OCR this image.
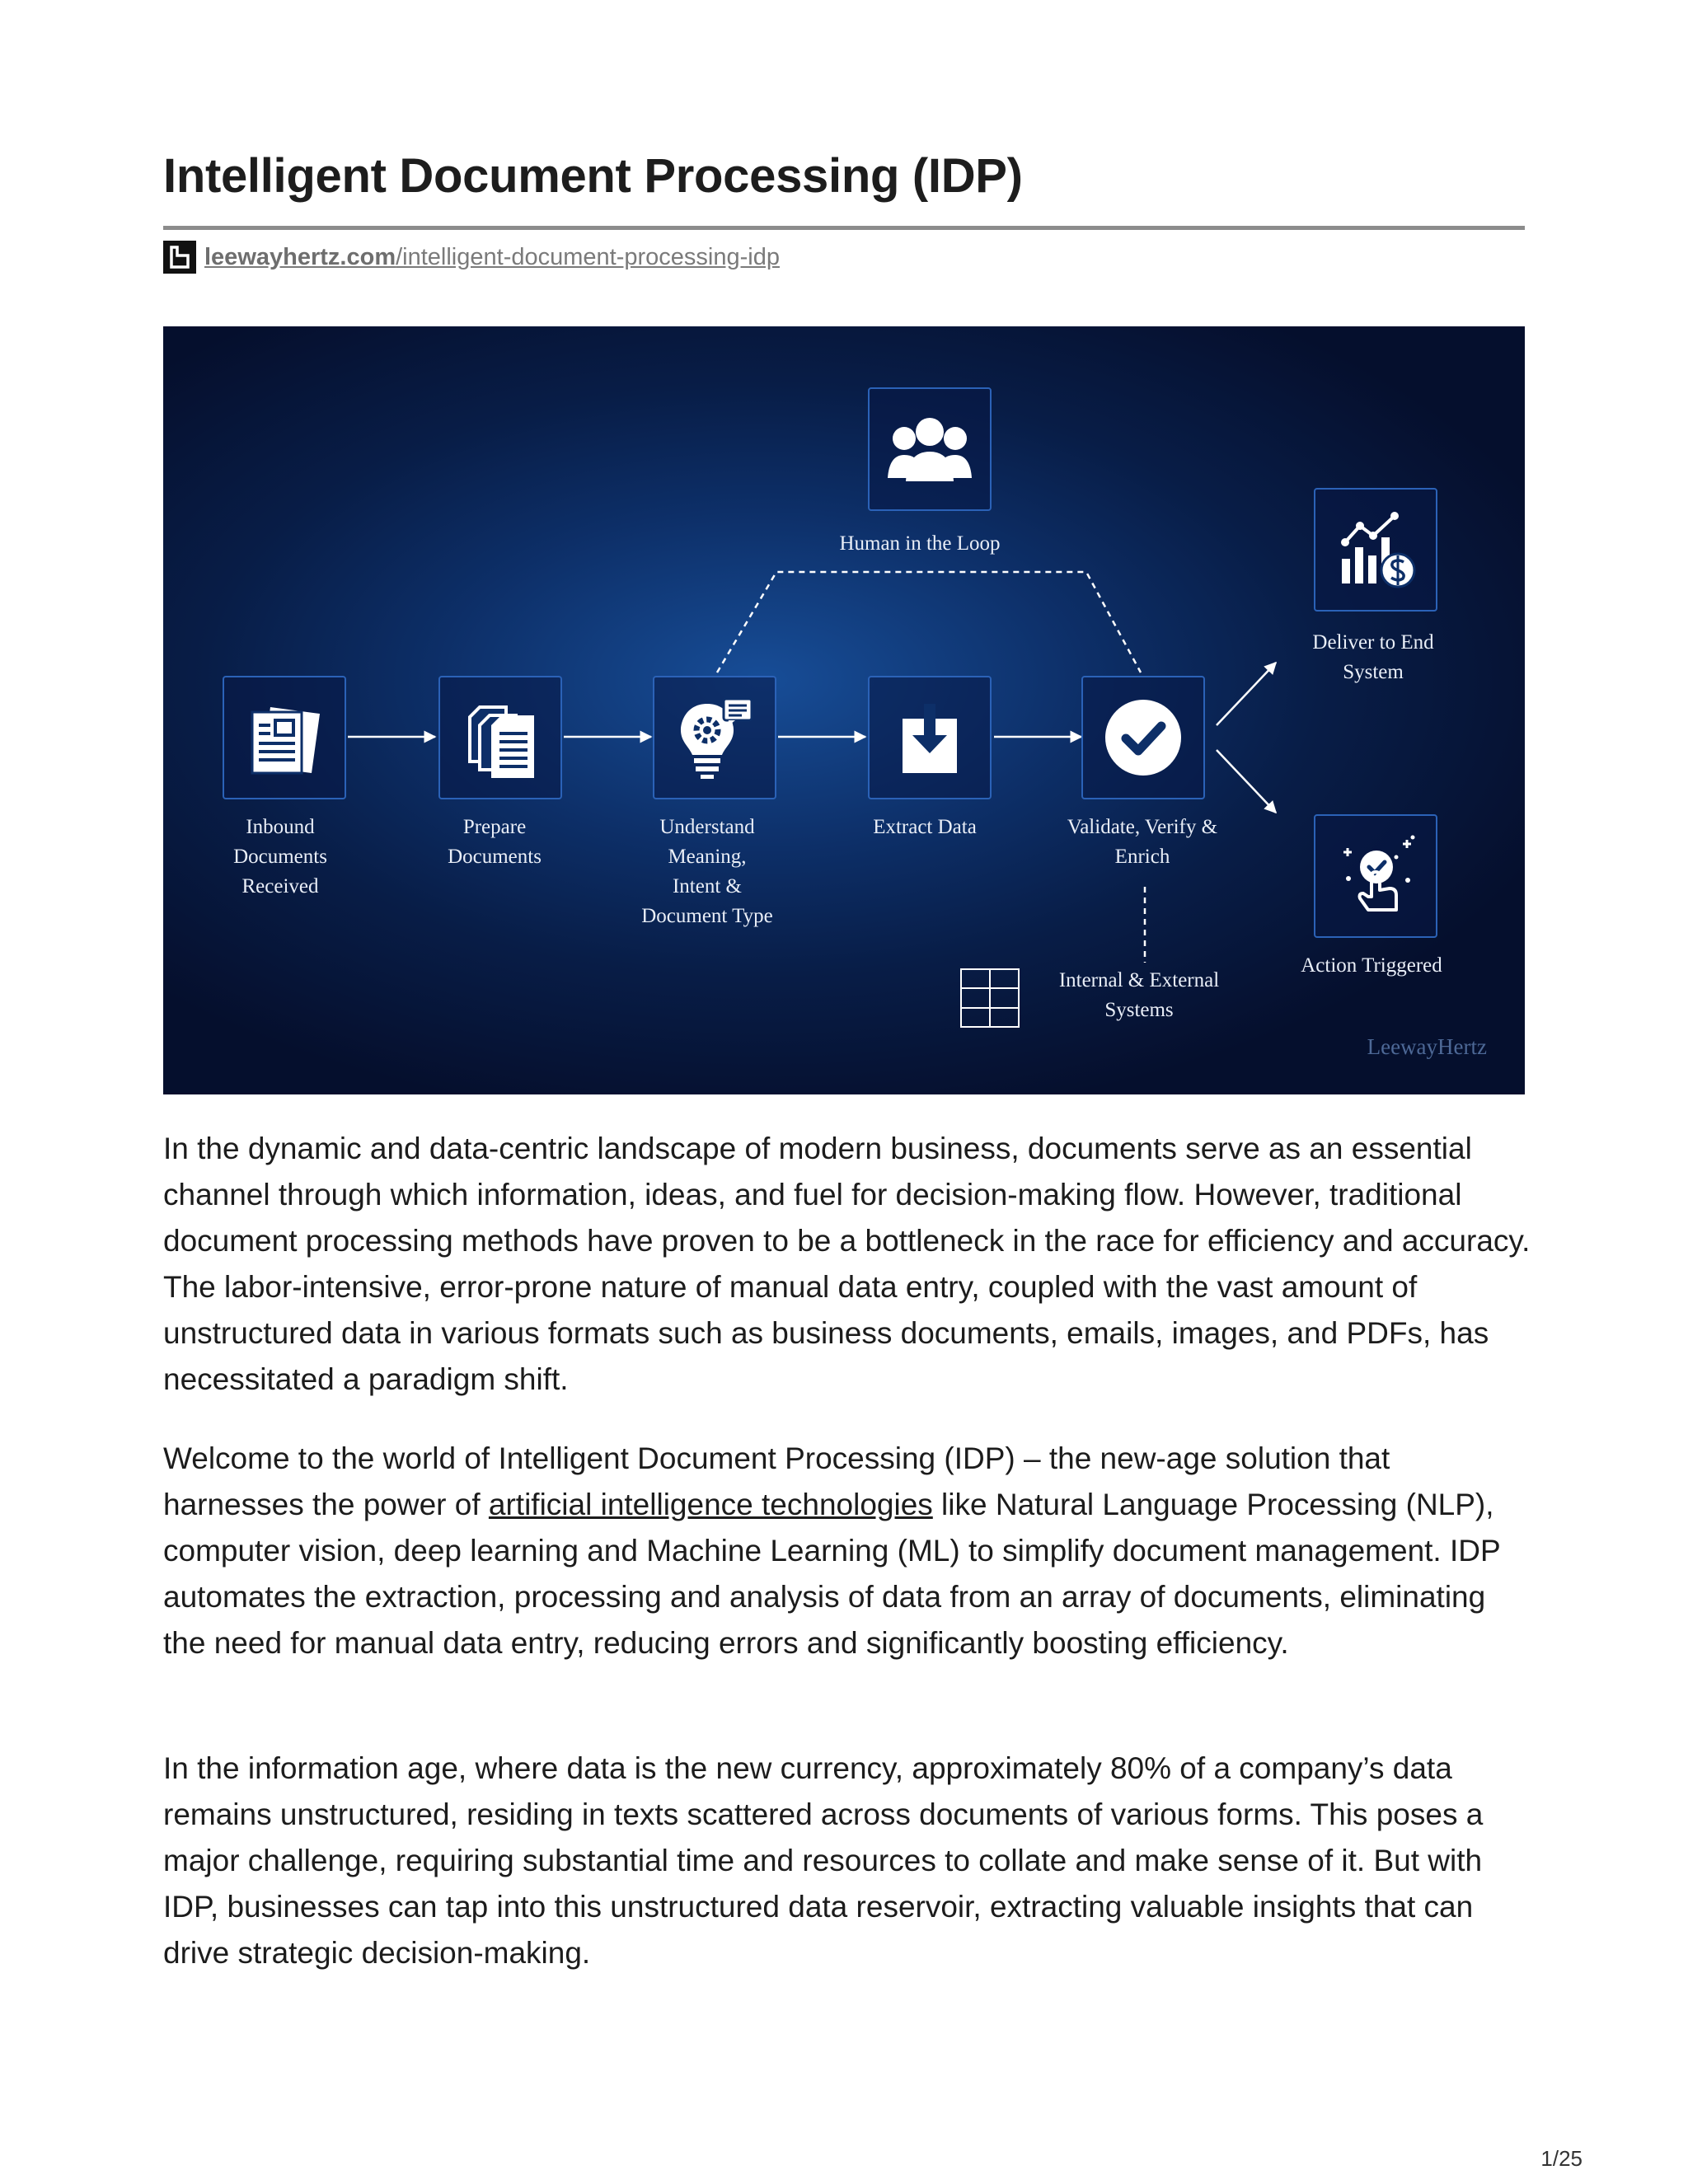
Intelligent Document Processing (IDP)
leewayhertz.com/intelligent-document-processing-idp
Human in the Loop
Deliver to End
System
Action Triggered
Inbound
Documents
Received
Prepare
Documents
Understand
Meaning,
Intent &
Document Type
Extract Data	Validate, Verify &
Enrich
Internal & External
Systems
LeewayHertz

In the dynamic and data-centric landscape of modern business, documents serve as an essential channel through which information, ideas, and fuel for decision-making flow. However, traditional document processing methods have proven to be a bottleneck in the race for efficiency and accuracy. The labor-intensive, error-prone nature of manual data entry, coupled with the vast amount of unstructured data in various formats such as business documents, emails, images, and PDFs, has necessitated a paradigm shift.

Welcome to the world of Intelligent Document Processing (IDP) – the new-age solution that harnesses the power of artificial intelligence technologies like Natural Language Processing (NLP), computer vision, deep learning and Machine Learning (ML) to simplify document management. IDP automates the extraction, processing and analysis of data from an array of documents, eliminating the need for manual data entry, reducing errors and significantly boosting efficiency.

In the information age, where data is the new currency, approximately 80% of a company’s data remains unstructured, residing in texts scattered across documents of various forms. This poses a major challenge, requiring substantial time and resources to collate and make sense of it. But with IDP, businesses can tap into this unstructured data reservoir, extracting valuable insights that can drive strategic decision-making.

1/25
